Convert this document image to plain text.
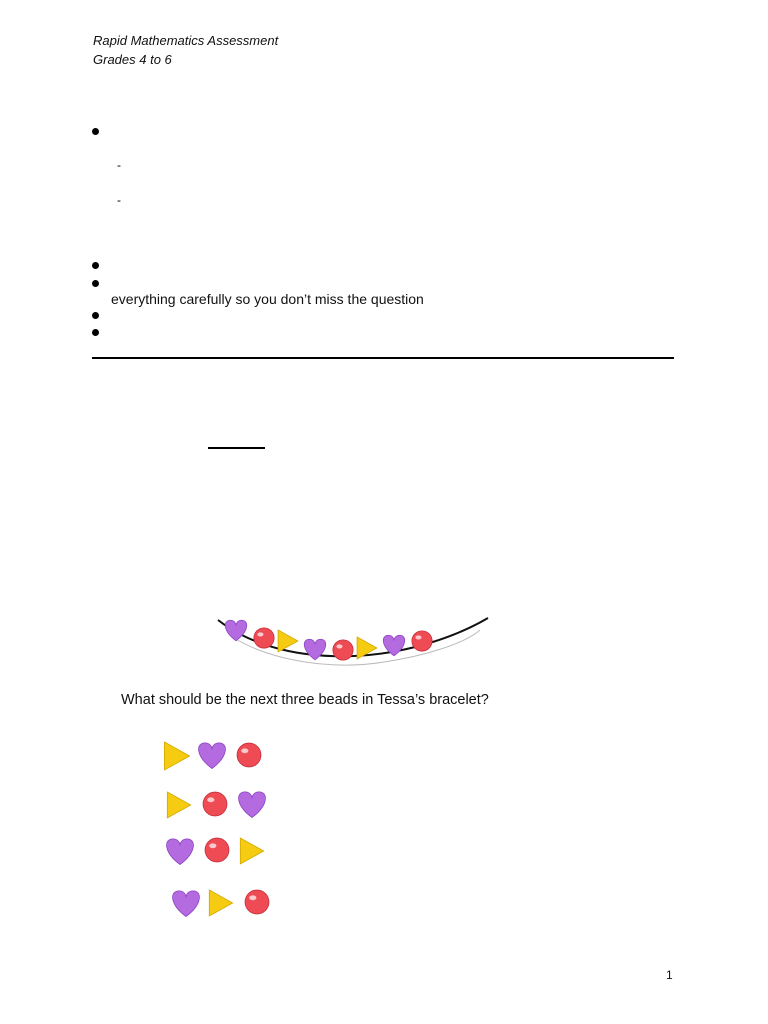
Rapid Mathematics Assessment
Grades 4 to 6
-
-
everything carefully so you don’t miss the question
What should be the next three beads in Tessa’s bracelet?
1
